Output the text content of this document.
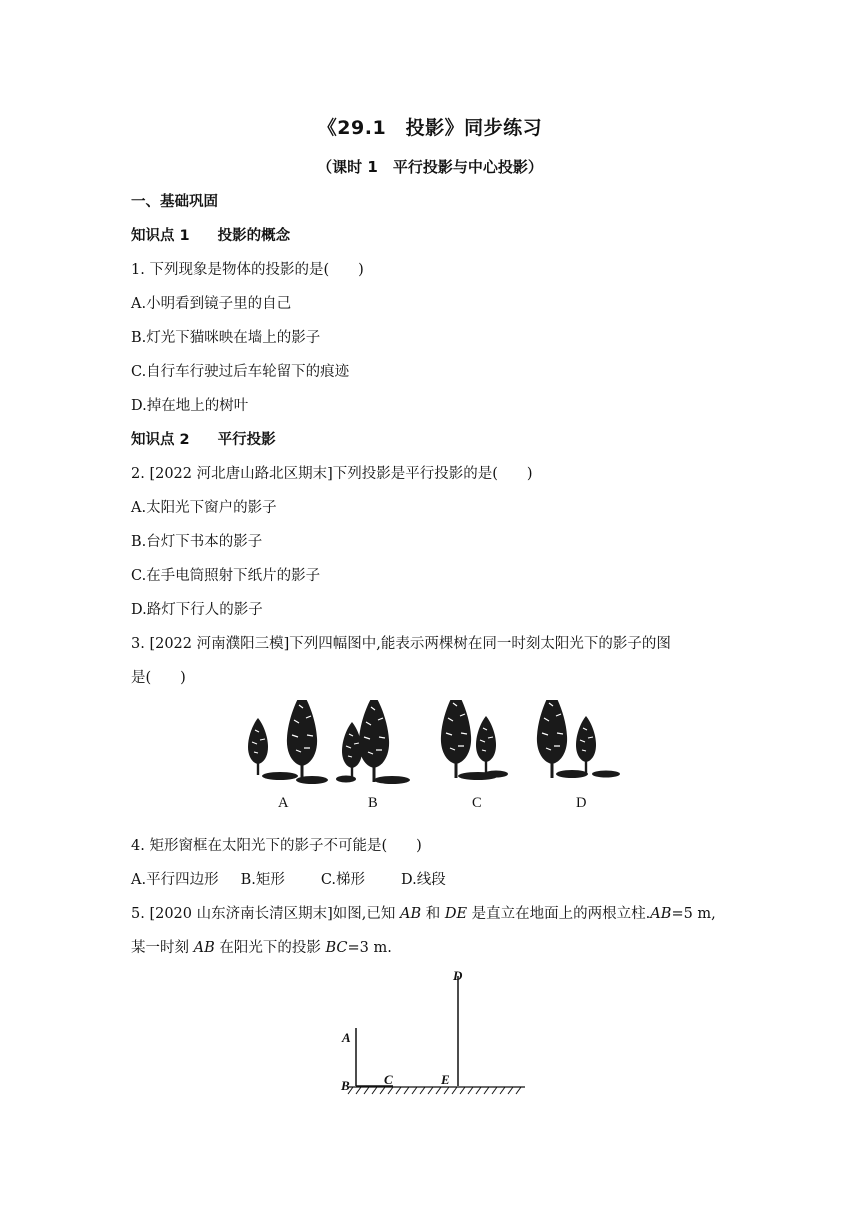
《29.1　投影》同步练习
（课时 1　平行投影与中心投影）
一、基础巩固
知识点 1 投影的概念
1. 下列现象是物体的投影的是(　　)
A.小明看到镜子里的自己
B.灯光下猫咪映在墙上的影子
C.自行车行驶过后车轮留下的痕迹
D.掉在地上的树叶
知识点 2 平行投影
2. [2022 河北唐山路北区期末]下列投影是平行投影的是(　　)
A.太阳光下窗户的影子
B.台灯下书本的影子
C.在手电筒照射下纸片的影子
D.路灯下行人的影子
3. [2022 河南濮阳三模]下列四幅图中,能表示两棵树在同一时刻太阳光下的影子的图
是(　　)
A	B	C	D
4. 矩形窗框在太阳光下的影子不可能是(　　)
A.平行四边形 B.矩形 C.梯形 D.线段
5. [2020 山东济南长清区期末]如图,已知 AB 和 DE 是直立在地面上的两根立柱.AB=5 m,
某一时刻 AB 在阳光下的投影 BC=3 m.
A
B	C
D
E
